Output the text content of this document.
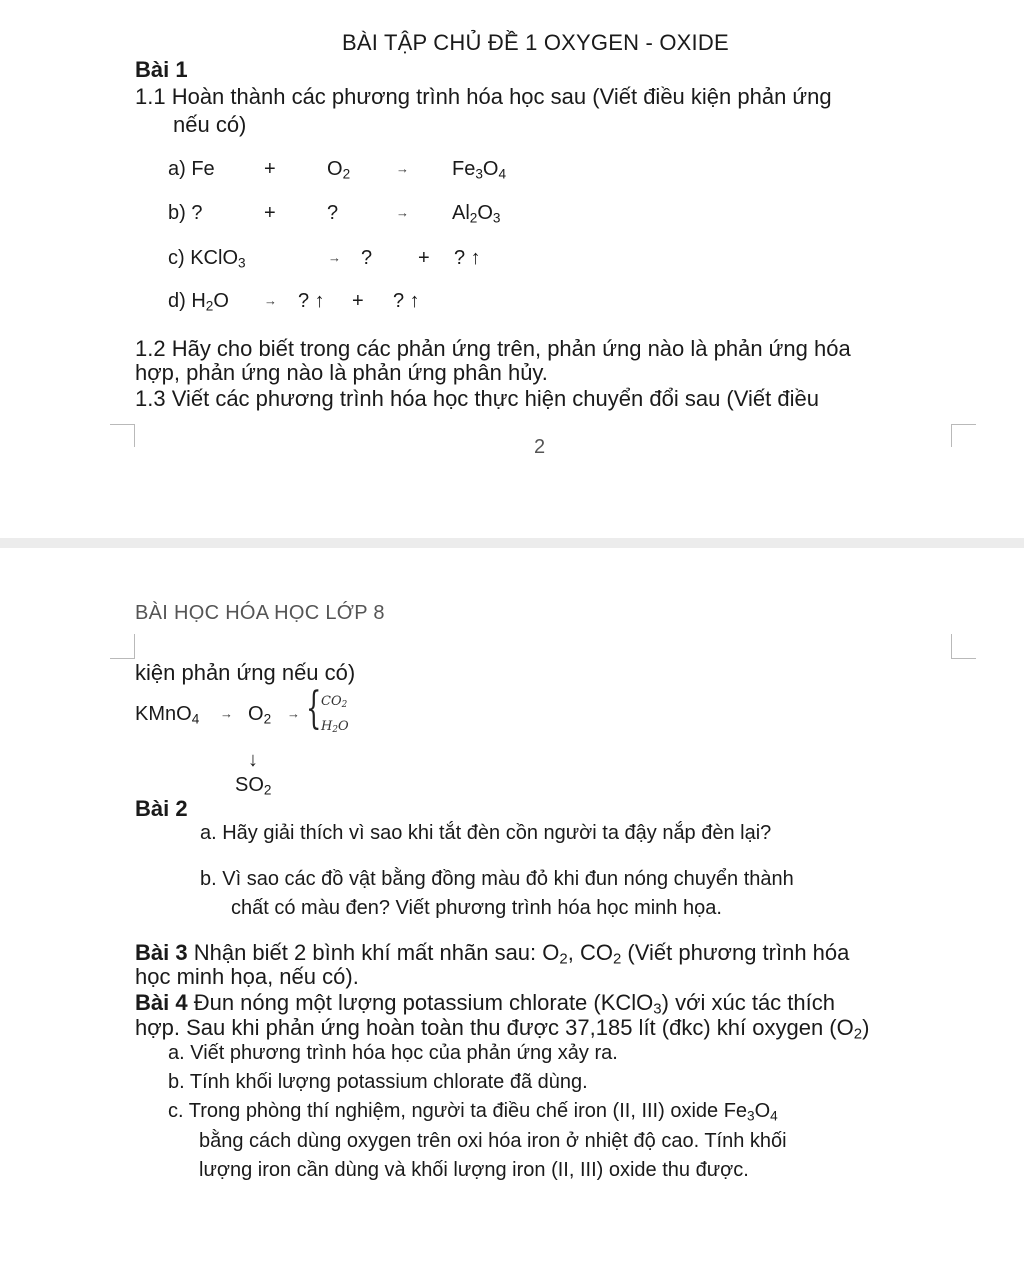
BÀI TẬP CHỦ ĐỀ 1 OXYGEN - OXIDE
Bài 1
1.1 Hoàn thành các phương trình hóa học sau (Viết điều kiện phản ứng
nếu có)
a) Fe +	$O_2$	→ $Fe_3O_4$
b) ?	+	?	→ $Al_2O_3$
c) KClO$_3$	→ ? + ? ↑
d) $H_2O$	→ ? ↑ + ? ↑
1.2 Hãy cho biết trong các phản ứng trên, phản ứng nào là phản ứng hóa
hợp, phản ứng nào là phản ứng phân hủy.
1.3 Viết các phương trình hóa học thực hiện chuyển đổi sau (Viết điều
2
BÀI HỌC HÓA HỌC LỚP 8
kiện phản ứng nếu có)
KMnO$_4$ → $O_2$ → { $CO_2$
$H_2O$
↓
$SO_2$
Bài 2
a. Hãy giải thích vì sao khi tắt đèn cồn người ta đậy nắp đèn lại?
b. Vì sao các đồ vật bằng đồng màu đỏ khi đun nóng chuyển thành
chất có màu đen? Viết phương trình hóa học minh họa.
Bài 3 Nhận biết 2 bình khí mất nhãn sau: $O_2$, $CO_2$ (Viết phương trình hóa
học minh họa, nếu có).
Bài 4 Đun nóng một lượng potassium chlorate (KClO$_3$) với xúc tác thích
hợp. Sau khi phản ứng hoàn toàn thu được 37,185 lít (đkc) khí oxygen $(O_2)$
a. Viết phương trình hóa học của phản ứng xảy ra.
b. Tính khối lượng potassium chlorate đã dùng.
c. Trong phòng thí nghiệm, người ta điều chế iron (II, III) oxide $Fe_3O_4$
bằng cách dùng oxygen trên oxi hóa iron ở nhiệt độ cao. Tính khối
lượng iron cần dùng và khối lượng iron (II, III) oxide thu được.
